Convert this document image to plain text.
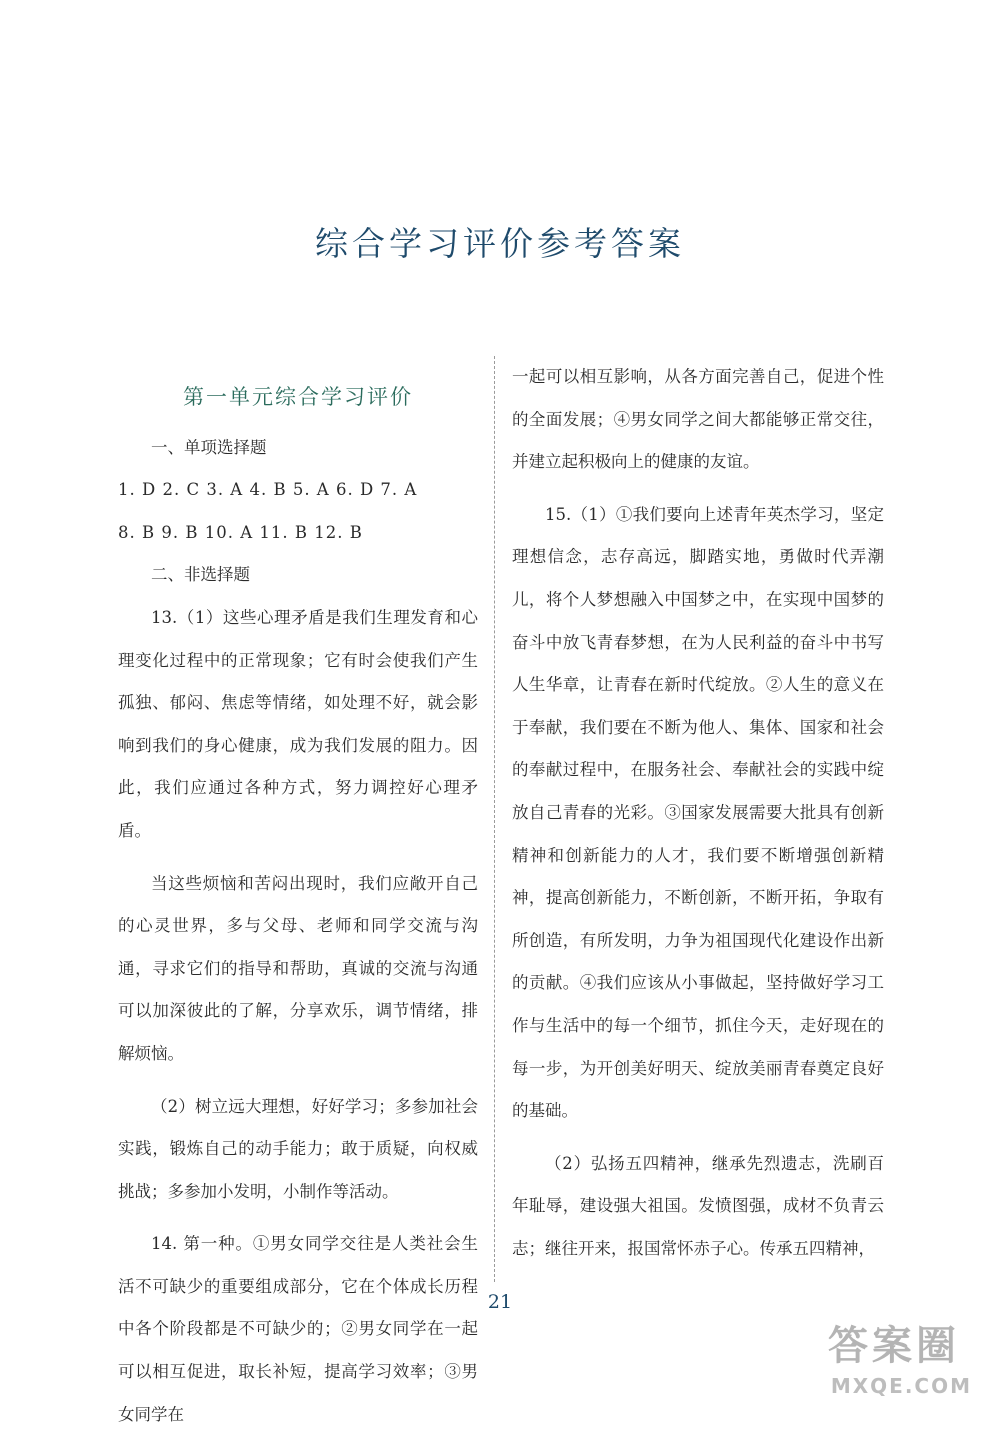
综合学习评价参考答案
第一单元综合学习评价

一、单项选择题

1. D 2. C 3. A 4. B 5. A 6. D 7. A

8. B 9. B 10. A 11. B 12. B

二、非选择题

13.（1）这些心理矛盾是我们生理发育和心理变化过程中的正常现象；它有时会使我们产生孤独、郁闷、焦虑等情绪，如处理不好，就会影响到我们的身心健康，成为我们发展的阻力。因此，我们应通过各种方式，努力调控好心理矛盾。

当这些烦恼和苦闷出现时，我们应敞开自己的心灵世界，多与父母、老师和同学交流与沟通，寻求它们的指导和帮助，真诚的交流与沟通可以加深彼此的了解，分享欢乐，调节情绪，排解烦恼。

（2）树立远大理想，好好学习；多参加社会实践，锻炼自己的动手能力；敢于质疑，向权威挑战；多参加小发明，小制作等活动。

14. 第一种。①男女同学交往是人类社会生活不可缺少的重要组成部分，它在个体成长历程中各个阶段都是不可缺少的；②男女同学在一起可以相互促进，取长补短，提高学习效率；③男女同学在

一起可以相互影响，从各方面完善自己，促进个性的全面发展；④男女同学之间大都能够正常交往，并建立起积极向上的健康的友谊。

15.（1）①我们要向上述青年英杰学习，坚定理想信念，志存高远，脚踏实地，勇做时代弄潮儿，将个人梦想融入中国梦之中，在实现中国梦的奋斗中放飞青春梦想，在为人民利益的奋斗中书写人生华章，让青春在新时代绽放。②人生的意义在于奉献，我们要在不断为他人、集体、国家和社会的奉献过程中，在服务社会、奉献社会的实践中绽放自己青春的光彩。③国家发展需要大批具有创新精神和创新能力的人才，我们要不断增强创新精神，提高创新能力，不断创新，不断开拓，争取有所创造，有所发明，力争为祖国现代化建设作出新的贡献。④我们应该从小事做起，坚持做好学习工作与生活中的每一个细节，抓住今天，走好现在的每一步，为开创美好明天、绽放美丽青春奠定良好的基础。

（2）弘扬五四精神，继承先烈遗志，洗刷百年耻辱，建设强大祖国。发愤图强，成材不负青云志；继往开来，报国常怀赤子心。传承五四精神，

21
答案圈
MXQE.COM
